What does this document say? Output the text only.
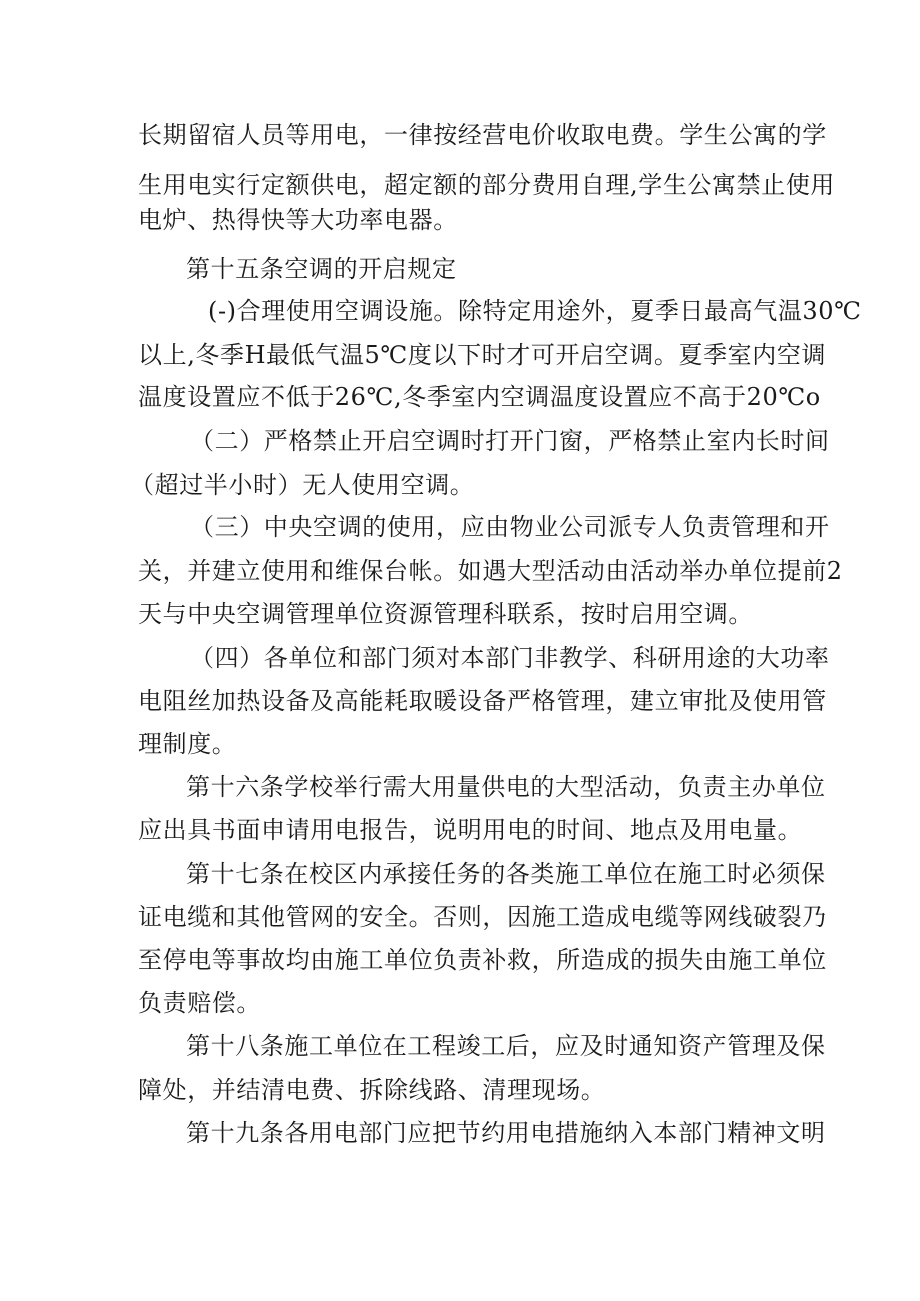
长期留宿人员等用电，一律按经营电价收取电费。学生公寓的学
生用电实行定额供电，超定额的部分费用自理,学生公寓禁止使用
电炉、热得快等大功率电器。
第十五条空调的开启规定
(-)合理使用空调设施。除特定用途外，夏季日最高气温30℃
以上,冬季H最低气温5℃度以下时才可开启空调。夏季室内空调
温度设置应不低于26℃,冬季室内空调温度设置应不高于20℃o
（二）严格禁止开启空调时打开门窗，严格禁止室内长时间
（超过半小时）无人使用空调。
（三）中央空调的使用，应由物业公司派专人负责管理和开
关，并建立使用和维保台帐。如遇大型活动由活动举办单位提前2
天与中央空调管理单位资源管理科联系，按时启用空调。
（四）各单位和部门须对本部门非教学、科研用途的大功率
电阻丝加热设备及高能耗取暖设备严格管理，建立审批及使用管
理制度。
第十六条学校举行需大用量供电的大型活动，负责主办单位
应出具书面申请用电报告，说明用电的时间、地点及用电量。
第十七条在校区内承接任务的各类施工单位在施工时必须保
证电缆和其他管网的安全。否则，因施工造成电缆等网线破裂乃
至停电等事故均由施工单位负责补救，所造成的损失由施工单位
负责赔偿。
第十八条施工单位在工程竣工后，应及时通知资产管理及保
障处，并结清电费、拆除线路、清理现场。
第十九条各用电部门应把节约用电措施纳入本部门精神文明
